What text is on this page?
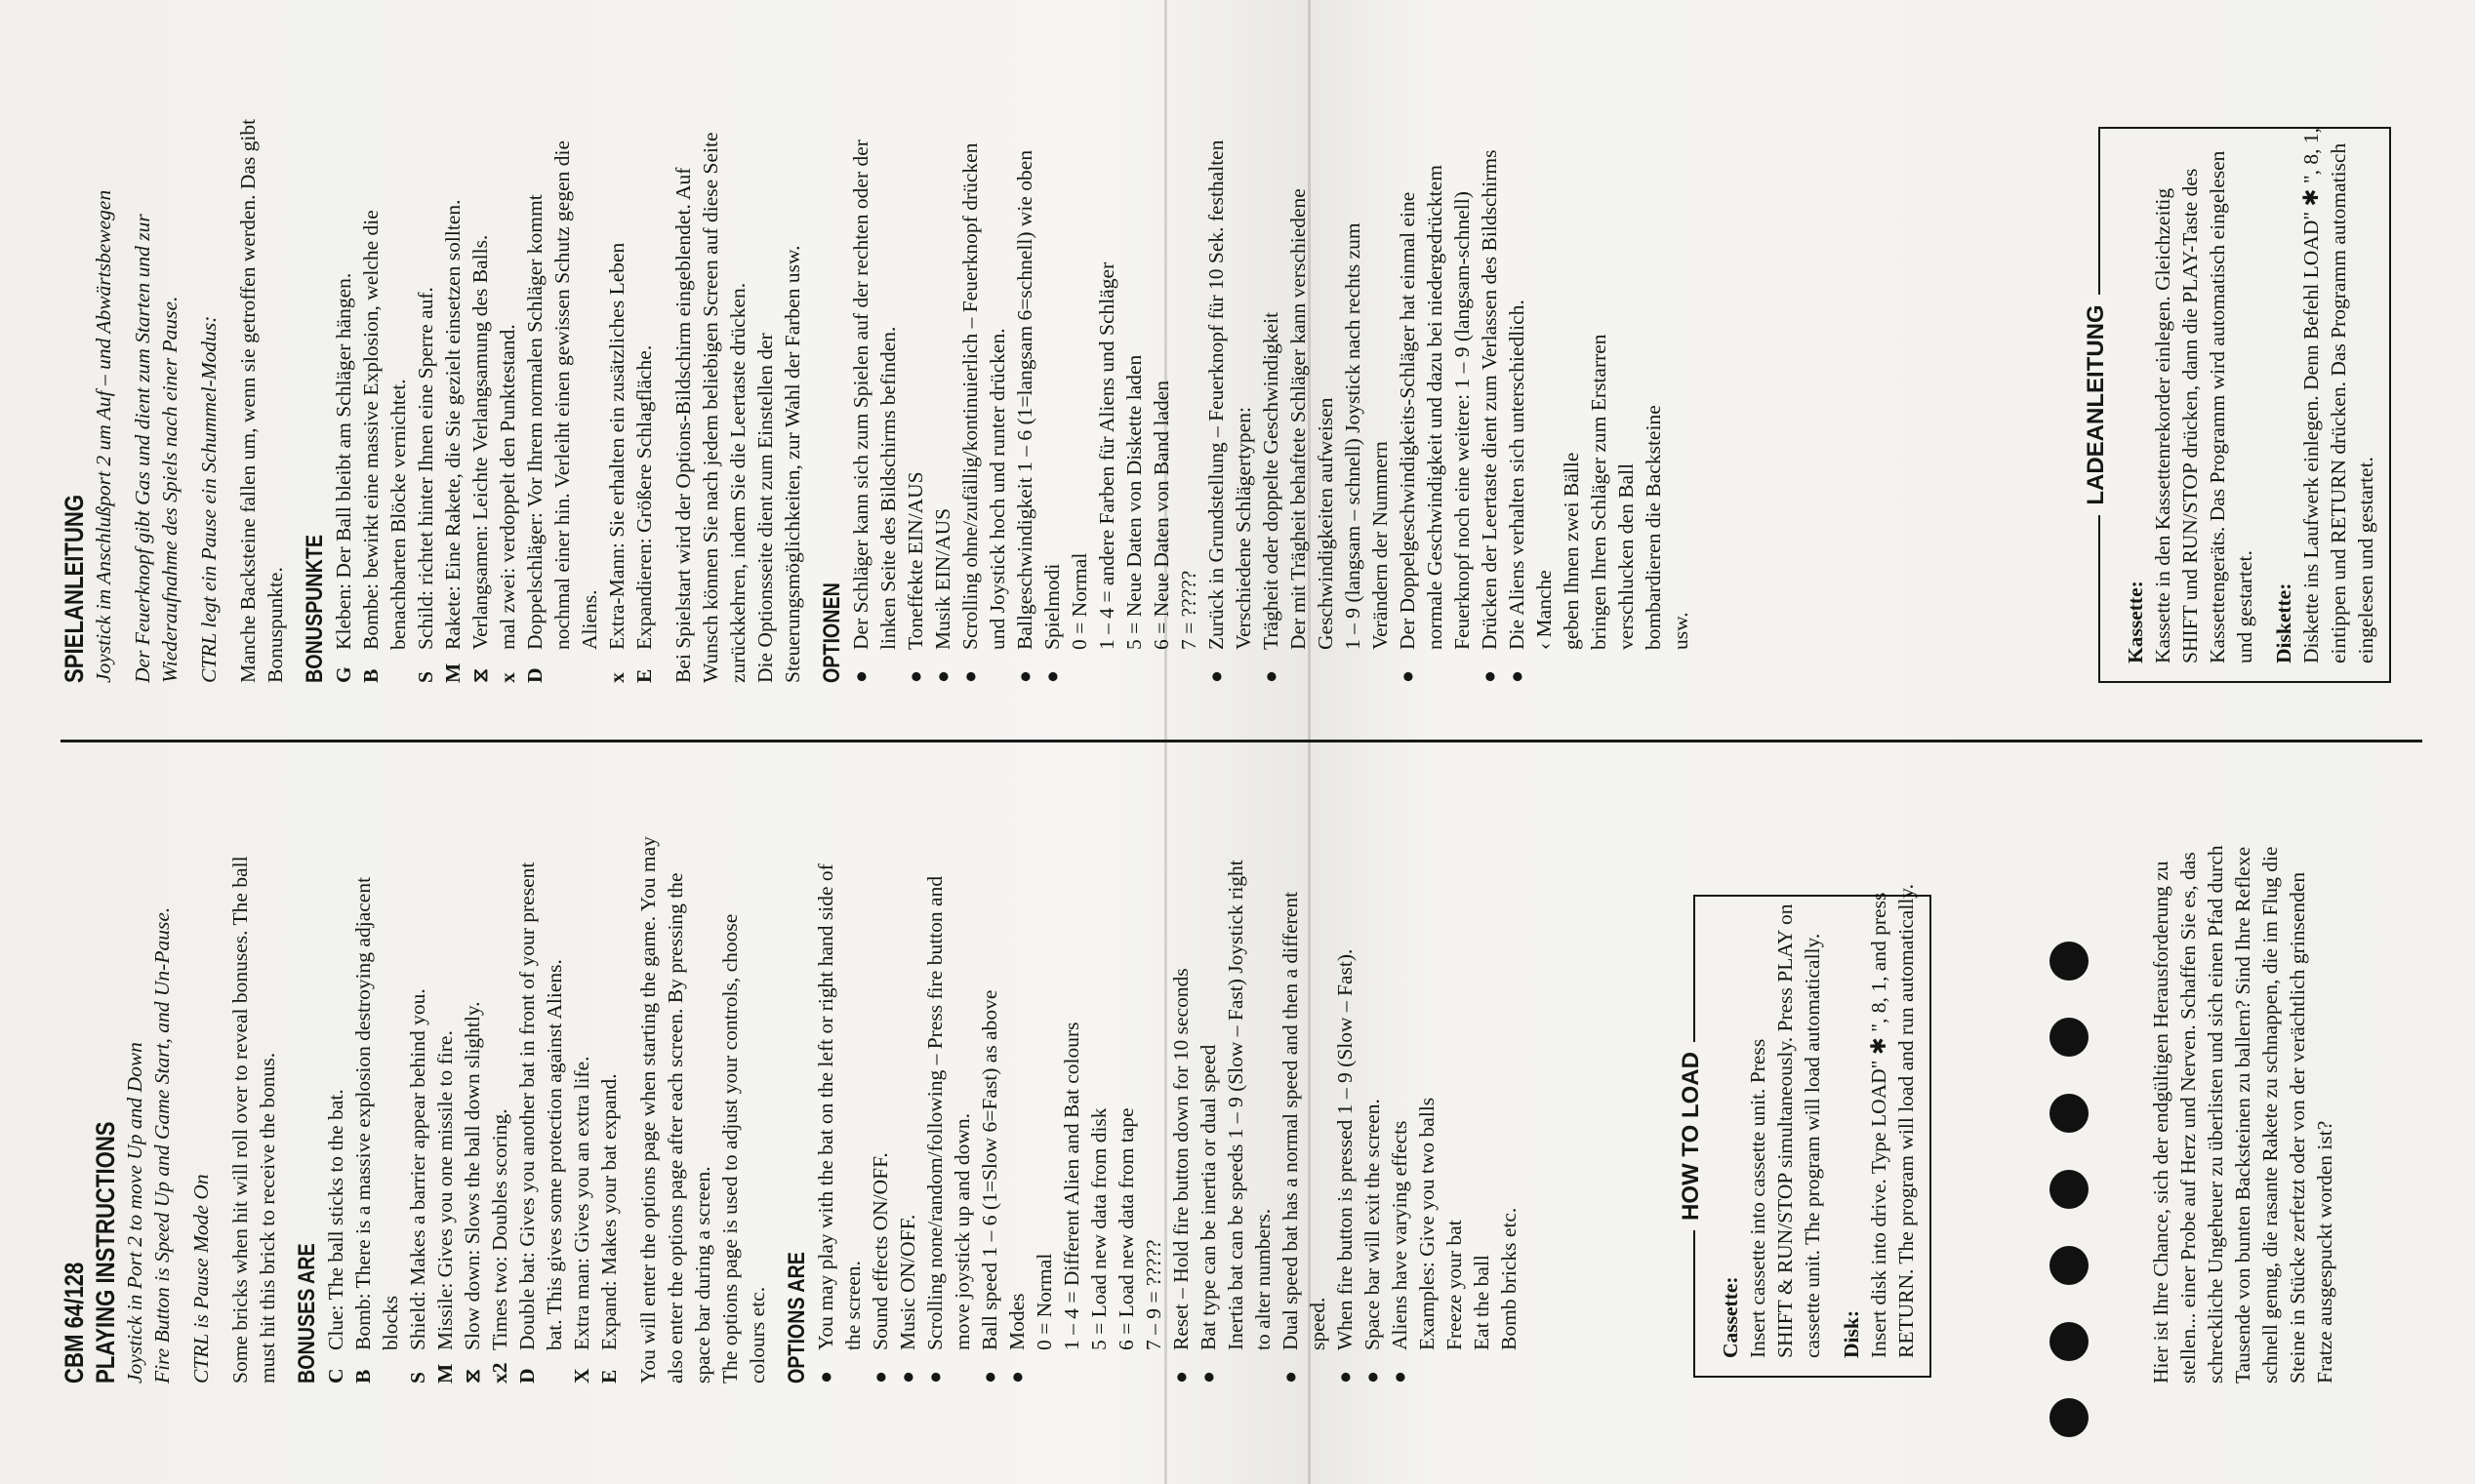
CBM 64/128 PLAYING INSTRUCTIONS Joystick in Port 2 to move Up and Down Fire Button is Speed Up and Game Start, and Un-Pause. CTRL is Pause Mode On Some bricks when hit will roll over to reveal bonuses. The ball must hit this brick to receive the bonus. BONUSES ARE C
Clue: The ball sticks to the bat.
B
Bomb: There is a massive explosion destroying adjacent blocks
S
Shield: Makes a barrier appear behind you.
M
Missile: Gives you one missile to fire.
⧖
Slow down: Slows the ball down slightly.
x2
Times two: Doubles scoring.
D
Double bat: Gives you another bat in front of your present bat. This gives some protection against Aliens.
X
Extra man: Gives you an extra life.
E
Expand: Makes your bat expand. You will enter the options page when starting the game. You may also enter the options page after each screen. By pressing the space bar during a screen. The options page is used to adjust your controls, choose colours etc. OPTIONS ARE ●
You may play with the bat on the left or right hand side of the screen.
●
Sound effects ON/OFF.
●
Music ON/OFF.
●
Scrolling none/random/following – Press fire button and move joystick up and down.
●
Ball speed 1 – 6 (1=Slow 6=Fast) as above
●
Modes 0 = Normal 1 – 4 = Different Alien and Bat colours 5 = Load new data from disk 6 = Load new data from tape 7 – 9 = ?????
●
Reset – Hold fire button down for 10 seconds
●
Bat type can be inertia or dual speed Inertia bat can be speeds 1 – 9 (Slow – Fast) Joystick right to alter numbers.
●
Dual speed bat has a normal speed and then a different speed.
●
When fire button is pressed 1 – 9 (Slow – Fast).
●
Space bar will exit the screen.
●
Aliens have varying effects Examples: Give you two balls Freeze your bat Eat the ball Bomb bricks etc.
HOW TO LOAD

Cassette: Insert cassette into cassette unit. Press SHIFT & RUN/STOP simultaneously. Press PLAY on cassette unit. The program will load automatically. Disk: Insert disk into drive. Type LOAD" ✱ ", 8, 1, and press RETURN. The program will load and run automatically.

SPIELANLEITUNG Joystick im Anschlußport 2 um Auf – und Abwärtsbewegen Der Feuerknopf gibt Gas und dient zum Starten und zur Wiederaufnahme des Spiels nach einer Pause. CTRL legt ein Pause ein Schummel-Modus: Manche Backsteine fallen um, wenn sie getroffen werden. Das gibt Bonuspunkte. BONUSPUNKTE G
Kleben: Der Ball bleibt am Schläger hängen.
B
Bombe: bewirkt eine massive Explosion, welche die benachbarten Blöcke vernichtet.
S
Schild: richtet hinter Ihnen eine Sperre auf.
M
Rakete: Eine Rakete, die Sie gezielt einsetzen sollten.
⧖
Verlangsamen: Leichte Verlangsamung des Balls.
x
mal zwei: verdoppelt den Punktestand.
D
Doppelschläger: Vor Ihrem normalen Schläger kommt nochmal einer hin. Verleiht einen gewissen Schutz gegen die Aliens.
x
Extra-Mann: Sie erhalten ein zusätzliches Leben
E
Expandieren: Größere Schlagfläche. Bei Spielstart wird der Options-Bildschirm eingeblendet. Auf Wunsch können Sie nach jedem beliebigen Screen auf diese Seite zurückkehren, indem Sie die Leertaste drücken. Die Optionsseite dient zum Einstellen der Steuerungsmöglichkeiten, zur Wahl der Farben usw. OPTIONEN ●
Der Schläger kann sich zum Spielen auf der rechten oder der linken Seite des Bildschirms befinden.
●
Toneffekte EIN/AUS
●
Musik EIN/AUS
●
Scrolling ohne/zufällig/kontinuierlich – Feuerknopf drücken und Joystick hoch und runter drücken.
●
Ballgeschwindigkeit 1 – 6 (1=langsam 6=schnell) wie oben
●
Spielmodi 0 = Normal 1 – 4 = andere Farben für Aliens und Schläger 5 = Neue Daten von Diskette laden 6 = Neue Daten von Band laden 7 = ?????
●
Zurück in Grundstellung – Feuerknopf für 10 Sek. festhalten Verschiedene Schlägertypen:
●
Trägheit oder doppelte Geschwindigkeit Der mit Trägheit behaftete Schläger kann verschiedene Geschwindigkeiten aufweisen 1 – 9 (langsam – schnell) Joystick nach rechts zum Verändern der Nummern
●
Der Doppelgeschwindigkeits-Schläger hat einmal eine normale Geschwindigkeit und dazu bei niedergedrücktem Feuerknopf noch eine weitere: 1 – 9 (langsam-schnell)
●
Drücken der Leertaste dient zum Verlassen des Bildschirms
●
Die Aliens verhalten sich unterschiedlich. ‹ Manche geben Ihnen zwei Bälle bringen Ihren Schläger zum Erstarren verschlucken den Ball bombardieren die Backsteine usw.
LADEANLEITUNG

Kassette: Kassette in den Kassettenrekorder einlegen. Gleichzeitig SHIFT und RUN/STOP drücken, dann die PLAY-Taste des Kassettengeräts. Das Programm wird automatisch eingelesen und gestartet. Diskette: Diskette ins Laufwerk einlegen. Denn Befehl LOAD" ✱ ", 8, 1, eintippen und RETURN drücken. Das Programm automatisch eingelesen und gestartet.

Hier ist Ihre Chance, sich der endgültigen Herausforderung zu stellen... einer Probe auf Herz und Nerven. Schaffen Sie es, das schreckliche Ungeheuer zu überlisten und sich einen Pfad durch Tausende von bunten Backsteinen zu ballern? Sind Ihre Reflexe schnell genug, die rasante Rakete zu schnappen, die im Flug die Steine in Stücke zerfetzt oder von der verächtlich grinsenden Fratze ausgespuckt worden ist?
